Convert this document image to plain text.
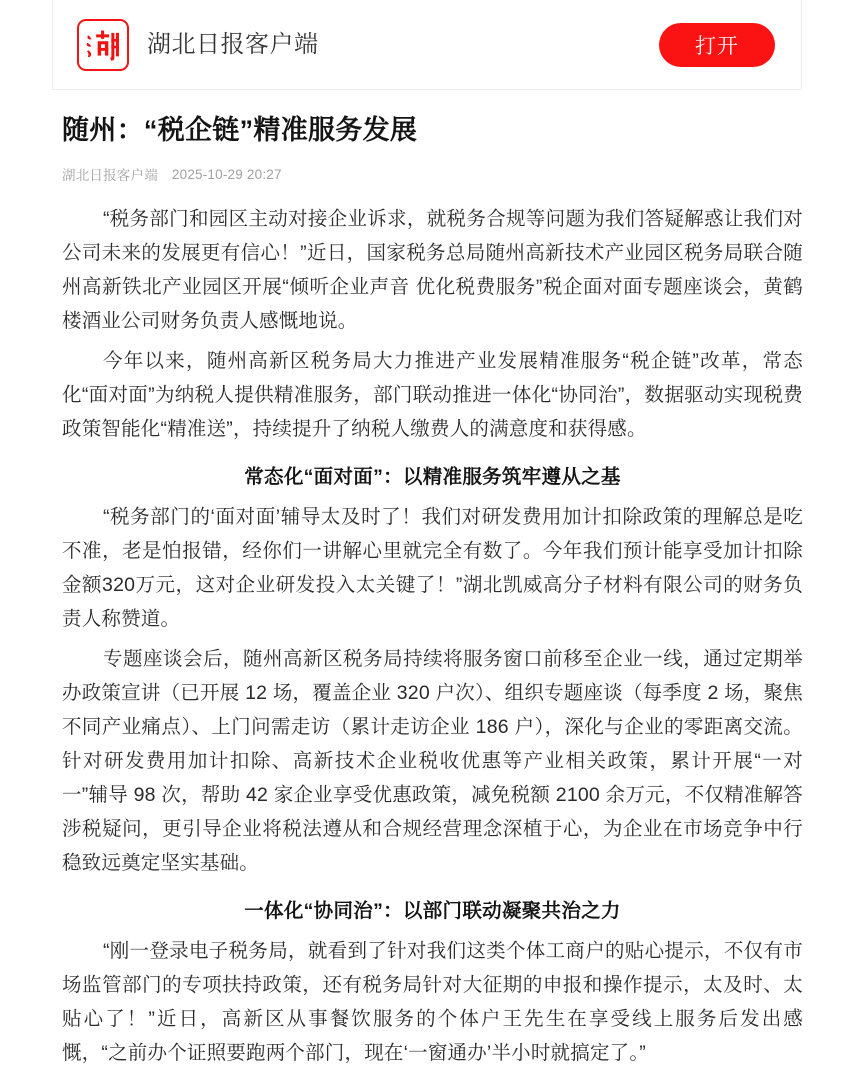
湖北日报客户端	打开
随州：“税企链”精准服务发展
湖北日报客户端 2025-10-29 20:27

“税务部门和园区主动对接企业诉求，就税务合规等问题为我们答疑解惑让我们对公司未来的发展更有信心！”近日，国家税务总局随州高新技术产业园区税务局联合随州高新铁北产业园区开展“倾听企业声音 优化税费服务”税企面对面专题座谈会，黄鹤楼酒业公司财务负责人感慨地说。

今年以来，随州高新区税务局大力推进产业发展精准服务“税企链”改革，常态化“面对面”为纳税人提供精准服务，部门联动推进一体化“协同治”，数据驱动实现税费政策智能化“精准送”，持续提升了纳税人缴费人的满意度和获得感。

常态化“面对面”：以精准服务筑牢遵从之基

“税务部门的‘面对面’辅导太及时了！我们对研发费用加计扣除政策的理解总是吃不准，老是怕报错，经你们一讲解心里就完全有数了。今年我们预计能享受加计扣除金额320万元，这对企业研发投入太关键了！”湖北凯威高分子材料有限公司的财务负责人称赞道。

专题座谈会后，随州高新区税务局持续将服务窗口前移至企业一线，通过定期举办政策宣讲（已开展 12 场，覆盖企业 320 户次）、组织专题座谈（每季度 2 场，聚焦不同产业痛点）、上门问需走访（累计走访企业 186 户），深化与企业的零距离交流。针对研发费用加计扣除、高新技术企业税收优惠等产业相关政策，累计开展“一对一”辅导 98 次，帮助 42 家企业享受优惠政策，减免税额 2100 余万元，不仅精准解答涉税疑问，更引导企业将税法遵从和合规经营理念深植于心，为企业在市场竞争中行稳致远奠定坚实基础。

一体化“协同治”：以部门联动凝聚共治之力

“刚一登录电子税务局，就看到了针对我们这类个体工商户的贴心提示，不仅有市场监管部门的专项扶持政策，还有税务局针对大征期的申报和操作提示，太及时、太贴心了！”近日，高新区从事餐饮服务的个体户王先生在享受线上服务后发出感慨，“之前办个证照要跑两个部门，现在‘一窗通办’半小时就搞定了。”
